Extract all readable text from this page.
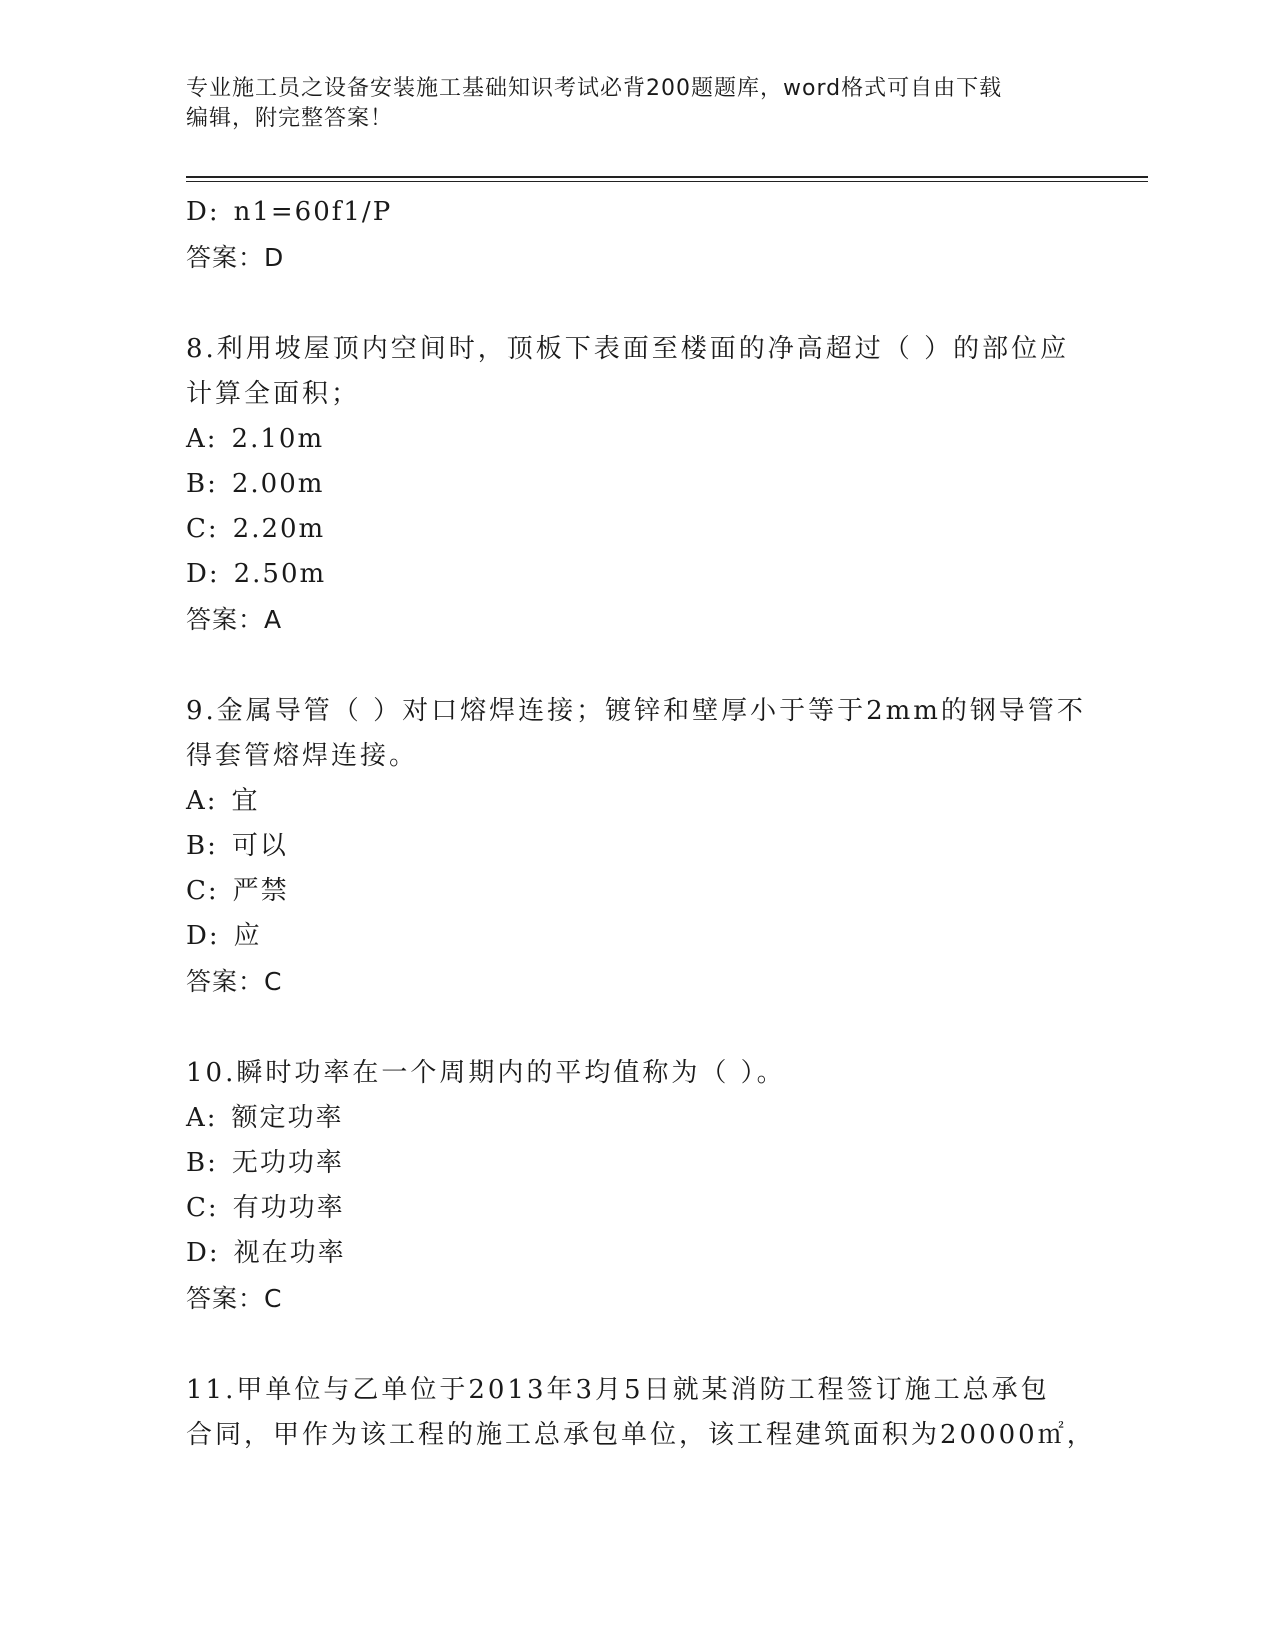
专业施工员之设备安装施工基础知识考试必背200题题库，word格式可自由下载
编辑，附完整答案！
D: n1=60f1/P
答案：D
8.利用坡屋顶内空间时，顶板下表面至楼面的净高超过（ ）的部位应
计算全面积；
A: 2.10m
B: 2.00m
C: 2.20m
D: 2.50m
答案：A
9.金属导管（ ）对口熔焊连接；镀锌和壁厚小于等于2mm的钢导管不
得套管熔焊连接。
A: 宜
B: 可以
C: 严禁
D: 应
答案：C
10.瞬时功率在一个周期内的平均值称为（ ）。
A: 额定功率
B: 无功功率
C: 有功功率
D: 视在功率
答案：C
11.甲单位与乙单位于2013年3月5日就某消防工程签订施工总承包
合同，甲作为该工程的施工总承包单位，该工程建筑面积为20000㎡，
